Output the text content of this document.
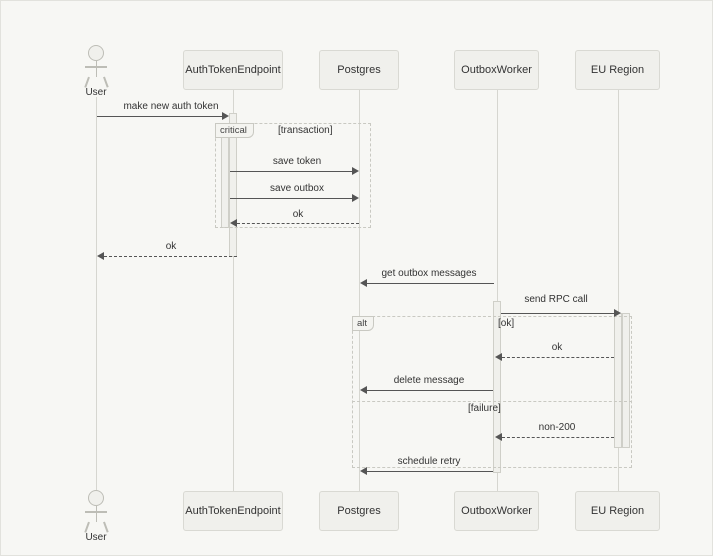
AuthTokenEndpoint	Postgres	OutboxWorker	EU Region
AuthTokenEndpoint	Postgres	OutboxWorker	EU Region
User
User
critical	[transaction]
alt	[ok]
[failure]
make new auth token
save token
save outbox
ok
ok
get outbox messages
send RPC call
ok
delete message
non-200
schedule retry
